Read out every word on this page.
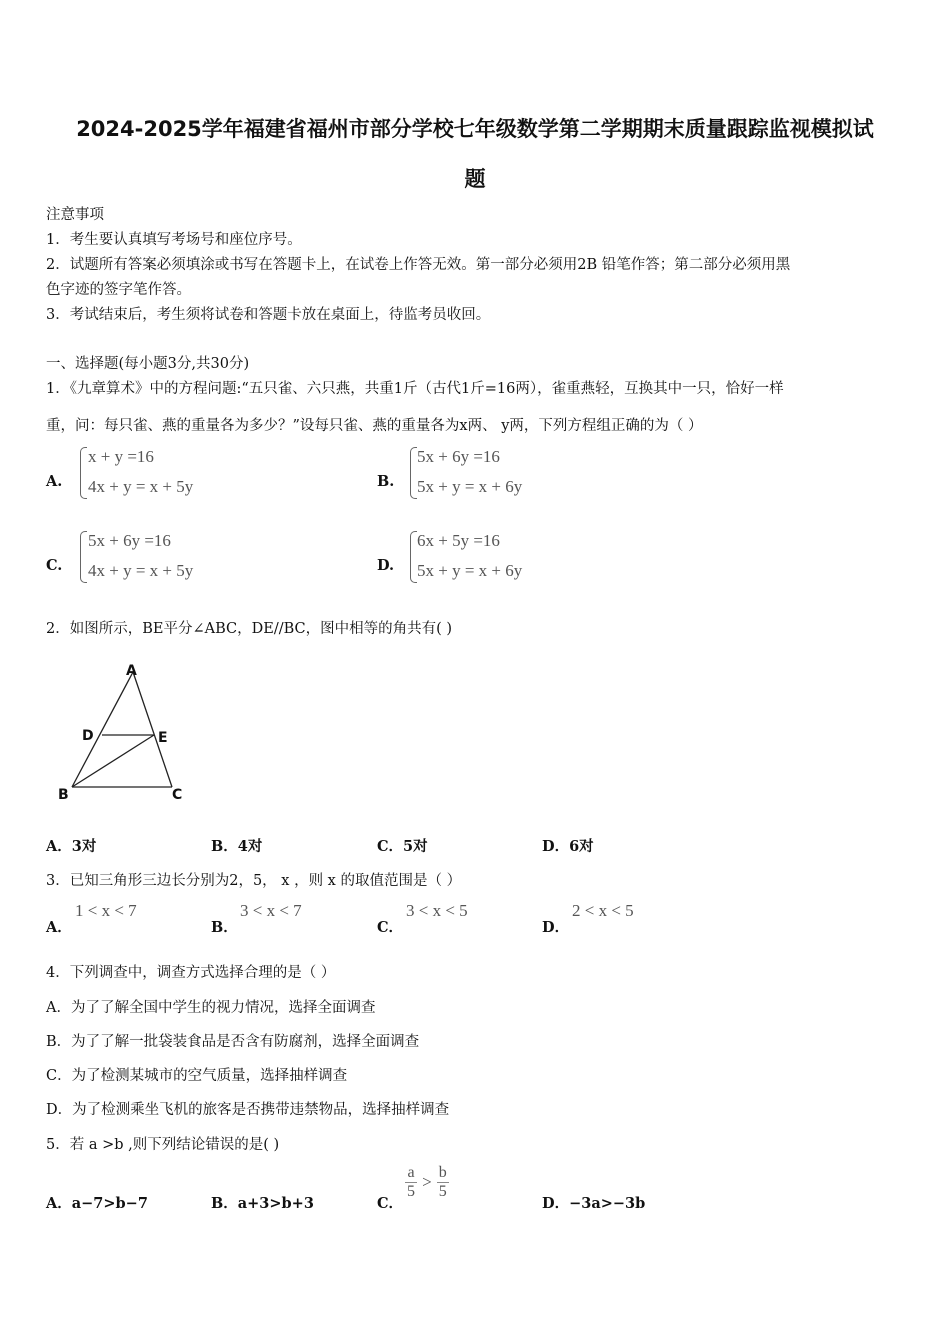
2024-2025学年福建省福州市部分学校七年级数学第二学期期末质量跟踪监视模拟试
题
注意事项
1．考生要认真填写考场号和座位序号。
2．试题所有答案必须填涂或书写在答题卡上，在试卷上作答无效。第一部分必须用2B 铅笔作答；第二部分必须用黑
色字迹的签字笔作答。
3．考试结束后，考生须将试卷和答题卡放在桌面上，待监考员收回。
一、选择题(每小题3分,共30分)
1．《九章算术》中的方程问题:“五只雀、六只燕，共重1斤（古代1斤=16两），雀重燕轻，互换其中一只，恰好一样
重，问：每只雀、燕的重量各为多少？”设每只雀、燕的重量各为x两、 y两，下列方程组正确的为（ ）
A.
x + y =16
4x + y = x + 5y	B.
5x + 6y =16
5x + y = x + 6y
C.
5x + 6y =16
4x + y = x + 5y	D.
6x + 5y =16
5x + y = x + 6y
2．如图所示，BE平分∠ABC，DE//BC，图中相等的角共有( )
A
B	C
D	E
A．3对	B．4对	C．5对	D．6对
3．已知三角形三边长分别为2，5， x ，则 x 的取值范围是（ ）
A．
1 < x < 7
B．
3 < x < 7
C．
3 < x < 5
D．
2 < x < 5
4．下列调查中，调查方式选择合理的是（ ）
A．为了了解全国中学生的视力情况，选择全面调查
B．为了了解一批袋装食品是否含有防腐剂，选择全面调查
C．为了检测某城市的空气质量，选择抽样调查
D．为了检测乘坐飞机的旅客是否携带违禁物品，选择抽样调查
5．若 a >b ,则下列结论错误的是( )
A．a−7>b−7	B．a+3>b+3	C．
$\frac{a}{5} > \frac{b}{5}$
D．−3a>−3b
